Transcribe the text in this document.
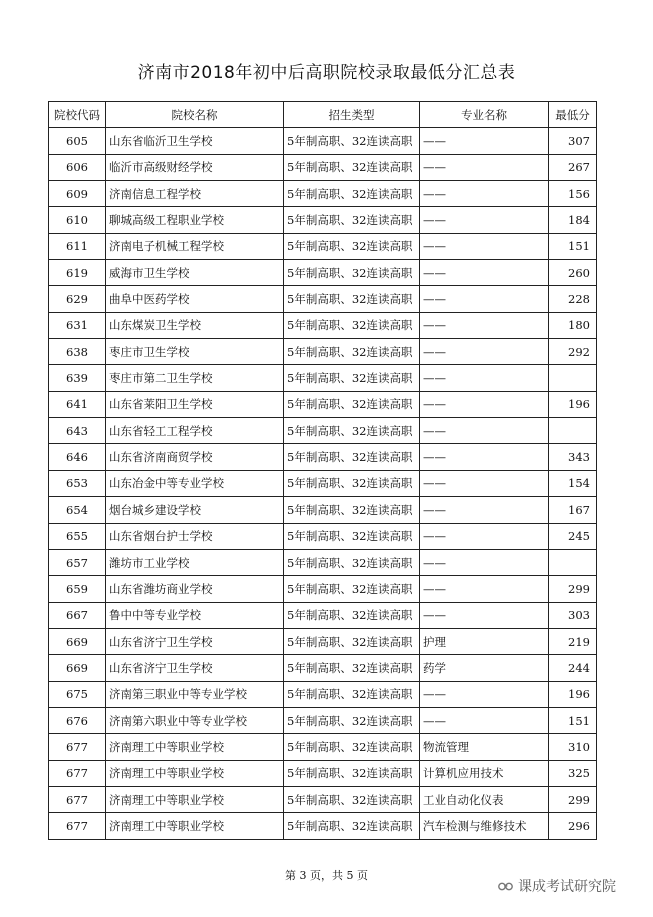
济南市2018年初中后高职院校录取最低分汇总表
院校代码	院校名称	招生类型	专业名称	最低分
605	山东省临沂卫生学校	5年制高职、32连读高职	——	307
606	临沂市高级财经学校	5年制高职、32连读高职	——	267
609	济南信息工程学校	5年制高职、32连读高职	——	156
610	聊城高级工程职业学校	5年制高职、32连读高职	——	184
611	济南电子机械工程学校	5年制高职、32连读高职	——	151
619	威海市卫生学校	5年制高职、32连读高职	——	260
629	曲阜中医药学校	5年制高职、32连读高职	——	228
631	山东煤炭卫生学校	5年制高职、32连读高职	——	180
638	枣庄市卫生学校	5年制高职、32连读高职	——	292
639	枣庄市第二卫生学校	5年制高职、32连读高职	——	
641	山东省莱阳卫生学校	5年制高职、32连读高职	——	196
643	山东省轻工工程学校	5年制高职、32连读高职	——	
646	山东省济南商贸学校	5年制高职、32连读高职	——	343
653	山东冶金中等专业学校	5年制高职、32连读高职	——	154
654	烟台城乡建设学校	5年制高职、32连读高职	——	167
655	山东省烟台护士学校	5年制高职、32连读高职	——	245
657	潍坊市工业学校	5年制高职、32连读高职	——	
659	山东省潍坊商业学校	5年制高职、32连读高职	——	299
667	鲁中中等专业学校	5年制高职、32连读高职	——	303
669	山东省济宁卫生学校	5年制高职、32连读高职	护理	219
669	山东省济宁卫生学校	5年制高职、32连读高职	药学	244
675	济南第三职业中等专业学校	5年制高职、32连读高职	——	196
676	济南第六职业中等专业学校	5年制高职、32连读高职	——	151
677	济南理工中等职业学校	5年制高职、32连读高职	物流管理	310
677	济南理工中等职业学校	5年制高职、32连读高职	计算机应用技术	325
677	济南理工中等职业学校	5年制高职、32连读高职	工业自动化仪表	299
677	济南理工中等职业学校	5年制高职、32连读高职	汽车检测与维修技术	296
第 3 页，共 5 页
课成考试研究院
